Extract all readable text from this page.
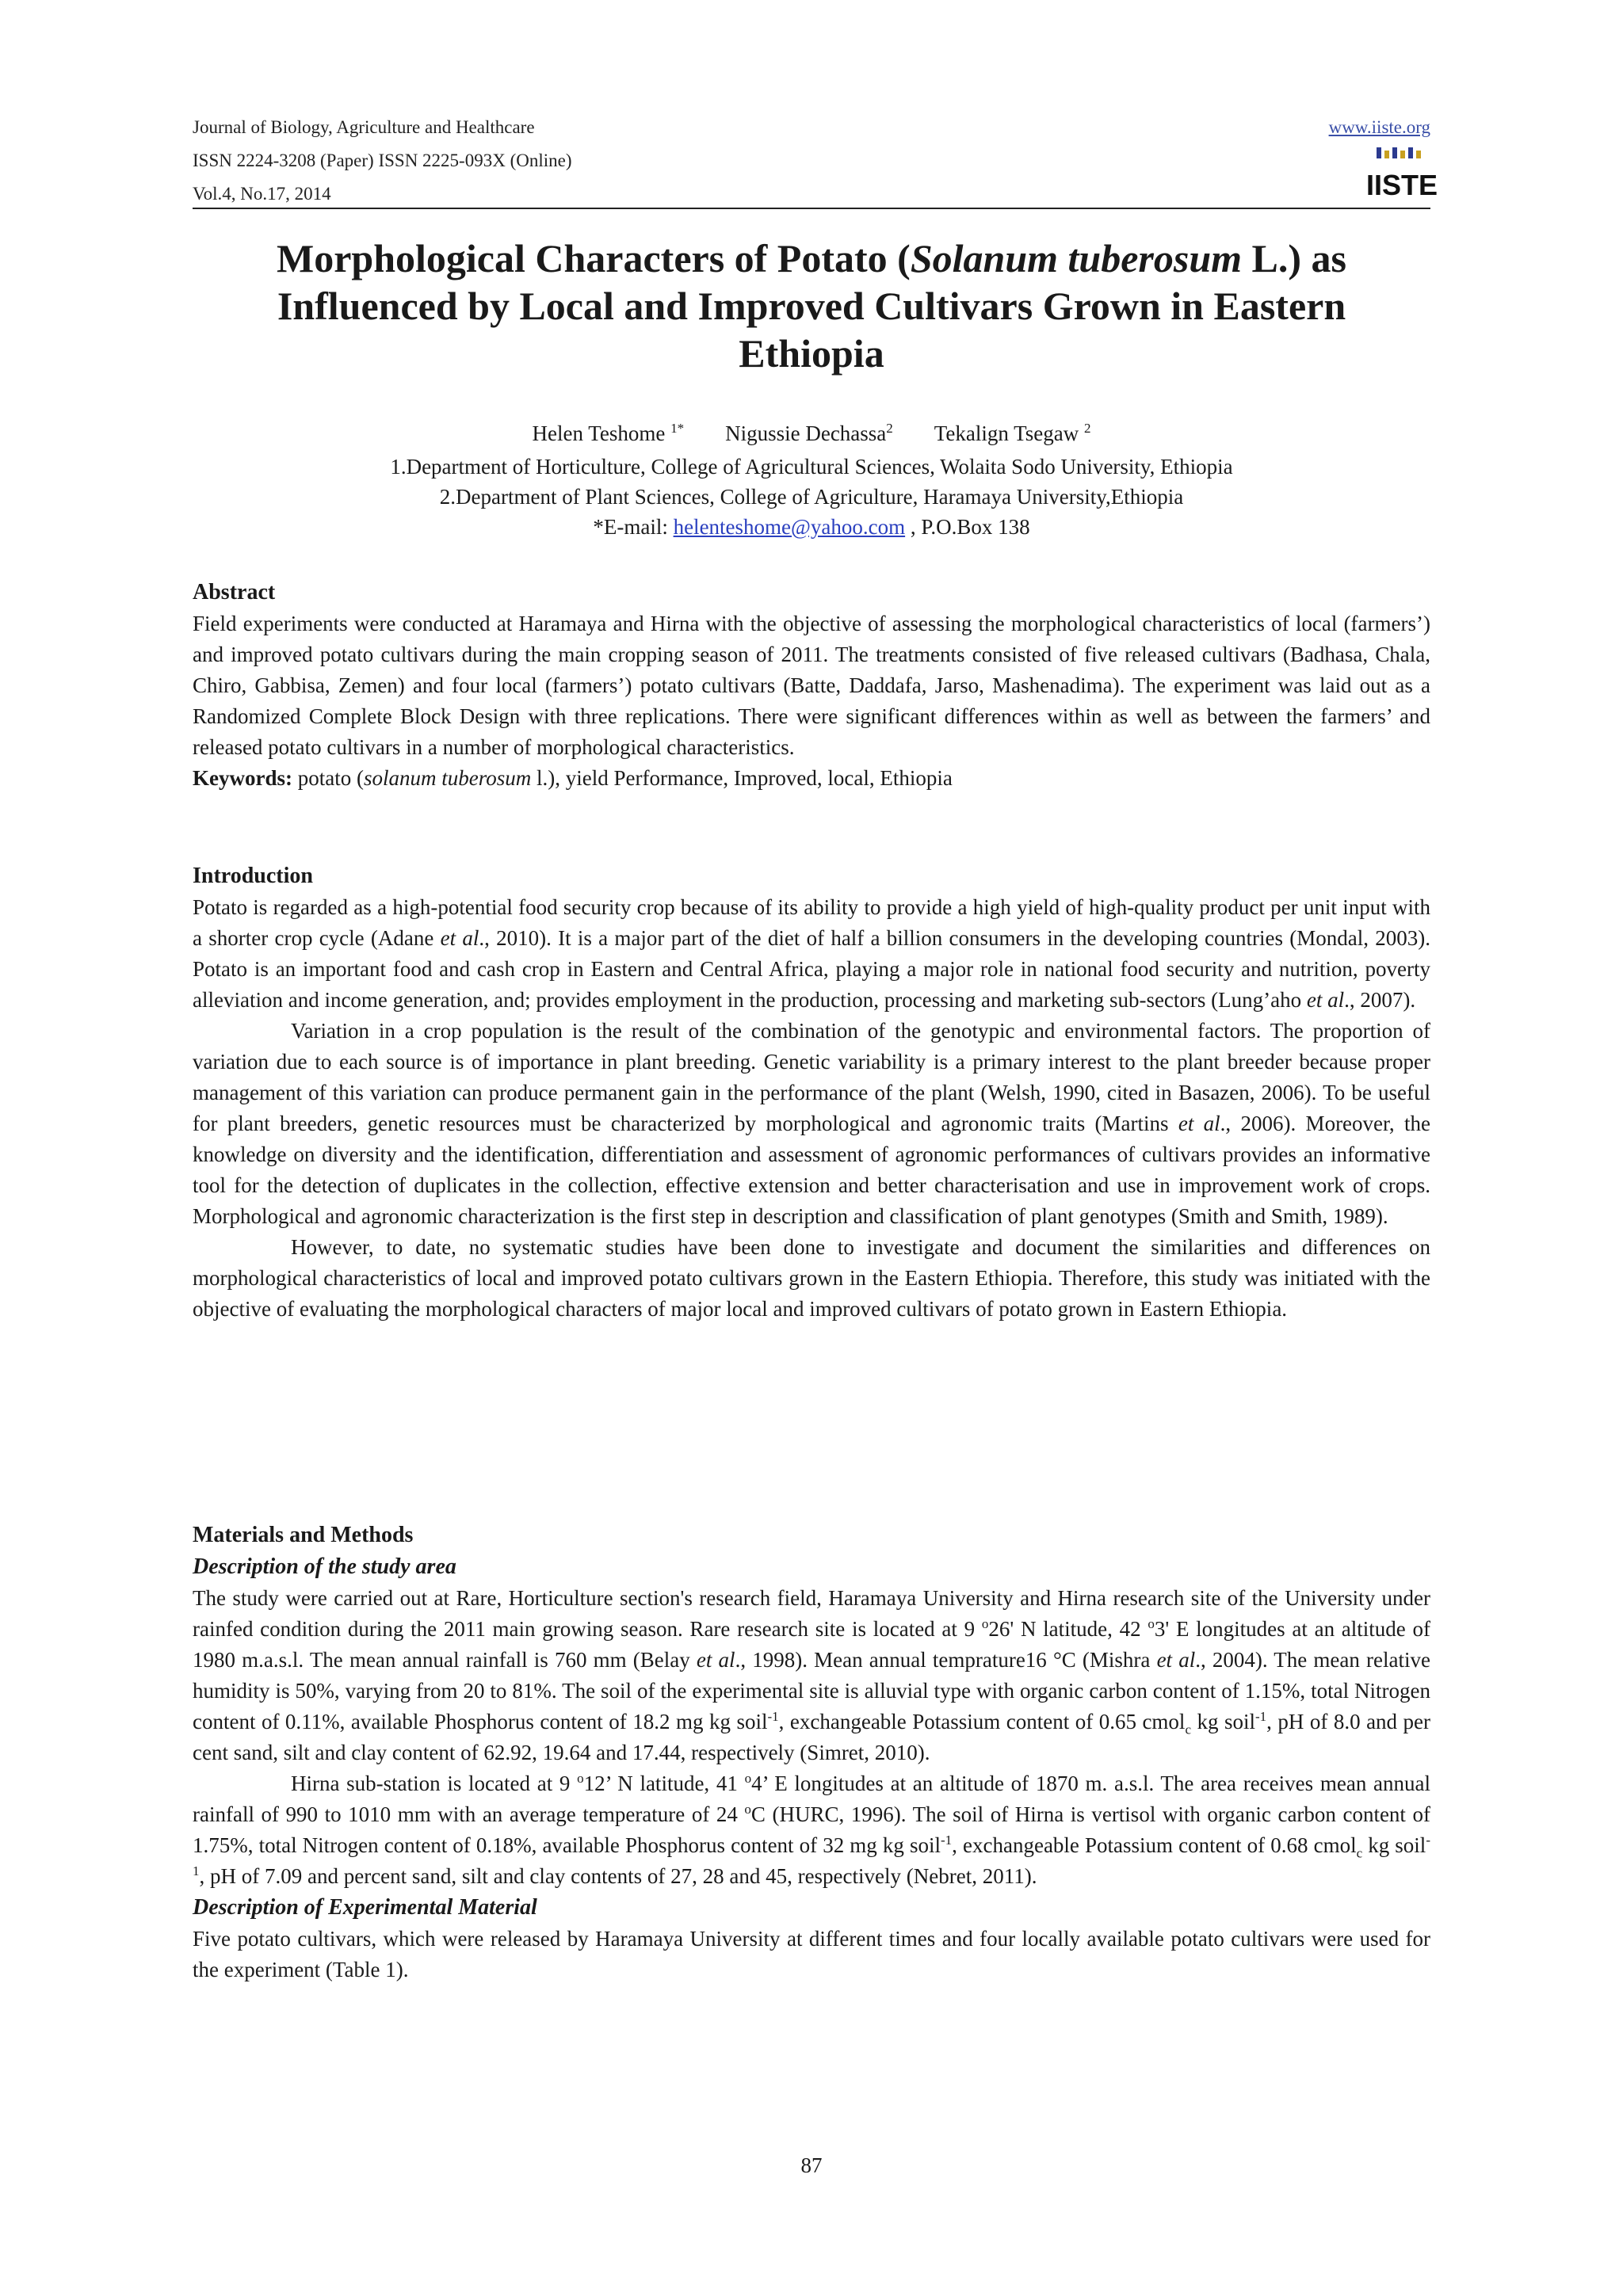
Journal of Biology, Agriculture and Healthcare
ISSN 2224-3208 (Paper) ISSN 2225-093X (Online)
Vol.4, No.17, 2014
www.iiste.org
IISTE
Morphological Characters of Potato (Solanum tuberosum L.) as
Influenced by Local and Improved Cultivars Grown in Eastern
Ethiopia
Helen Teshome $^{1*}$ Nigussie Dechassa$^2$ Tekalign Tsegaw $^2$
1.Department of Horticulture, College of Agricultural Sciences, Wolaita Sodo University, Ethiopia
2.Department of Plant Sciences, College of Agriculture, Haramaya University,Ethiopia
*E-mail: helenteshome@yahoo.com , P.O.Box 138
Abstract

Field experiments were conducted at Haramaya and Hirna with the objective of assessing the morphological characteristics of local (farmers’) and improved potato cultivars during the main cropping season of 2011. The treatments consisted of five released cultivars (Badhasa, Chala, Chiro, Gabbisa, Zemen) and four local (farmers’) potato cultivars (Batte, Daddafa, Jarso, Mashenadima). The experiment was laid out as a Randomized Complete Block Design with three replications. There were significant differences within as well as between the farmers’ and released potato cultivars in a number of morphological characteristics.

Keywords: potato (solanum tuberosum l.), yield Performance, Improved, local, Ethiopia

Introduction

Potato is regarded as a high-potential food security crop because of its ability to provide a high yield of high-quality product per unit input with a shorter crop cycle (Adane et al., 2010). It is a major part of the diet of half a billion consumers in the developing countries (Mondal, 2003). Potato is an important food and cash crop in Eastern and Central Africa, playing a major role in national food security and nutrition, poverty alleviation and income generation, and; provides employment in the production, processing and marketing sub-sectors (Lung’aho et al., 2007).

Variation in a crop population is the result of the combination of the genotypic and environmental factors. The proportion of variation due to each source is of importance in plant breeding. Genetic variability is a primary interest to the plant breeder because proper management of this variation can produce permanent gain in the performance of the plant (Welsh, 1990, cited in Basazen, 2006). To be useful for plant breeders, genetic resources must be characterized by morphological and agronomic traits (Martins et al., 2006). Moreover, the knowledge on diversity and the identification, differentiation and assessment of agronomic performances of cultivars provides an informative tool for the detection of duplicates in the collection, effective extension and better characterisation and use in improvement work of crops. Morphological and agronomic characterization is the first step in description and classification of plant genotypes (Smith and Smith, 1989).

However, to date, no systematic studies have been done to investigate and document the similarities and differences on morphological characteristics of local and improved potato cultivars grown in the Eastern Ethiopia. Therefore, this study was initiated with the objective of evaluating the morphological characters of major local and improved cultivars of potato grown in Eastern Ethiopia.

Materials and Methods
Description of the study area

The study were carried out at Rare, Horticulture section's research field, Haramaya University and Hirna research site of the University under rainfed condition during the 2011 main growing season. Rare research site is located at 9 $^o$26' N latitude, 42 $^o$3' E longitudes at an altitude of 1980 m.a.s.l. The mean annual rainfall is 760 mm (Belay et al., 1998). Mean annual temprature16 °C (Mishra et al., 2004). The mean relative humidity is 50%, varying from 20 to 81%. The soil of the experimental site is alluvial type with organic carbon content of 1.15%, total Nitrogen content of 0.11%, available Phosphorus content of 18.2 mg kg soil$^{-1}$, exchangeable Potassium content of 0.65 cmol$_c$ kg soil$^{-1}$, pH of 8.0 and per cent sand, silt and clay content of 62.92, 19.64 and 17.44, respectively (Simret, 2010).

Hirna sub-station is located at 9 $^o$12’ N latitude, 41 $^o$4’ E longitudes at an altitude of 1870 m. a.s.l. The area receives mean annual rainfall of 990 to 1010 mm with an average temperature of 24 $^o$C (HURC, 1996). The soil of Hirna is vertisol with organic carbon content of 1.75%, total Nitrogen content of 0.18%, available Phosphorus content of 32 mg kg soil$^{-1}$, exchangeable Potassium content of 0.68 cmol$_c$ kg soil$^{-1}$, pH of 7.09 and percent sand, silt and clay contents of 27, 28 and 45, respectively (Nebret, 2011).

Description of Experimental Material

Five potato cultivars, which were released by Haramaya University at different times and four locally available potato cultivars were used for the experiment (Table 1).

87
